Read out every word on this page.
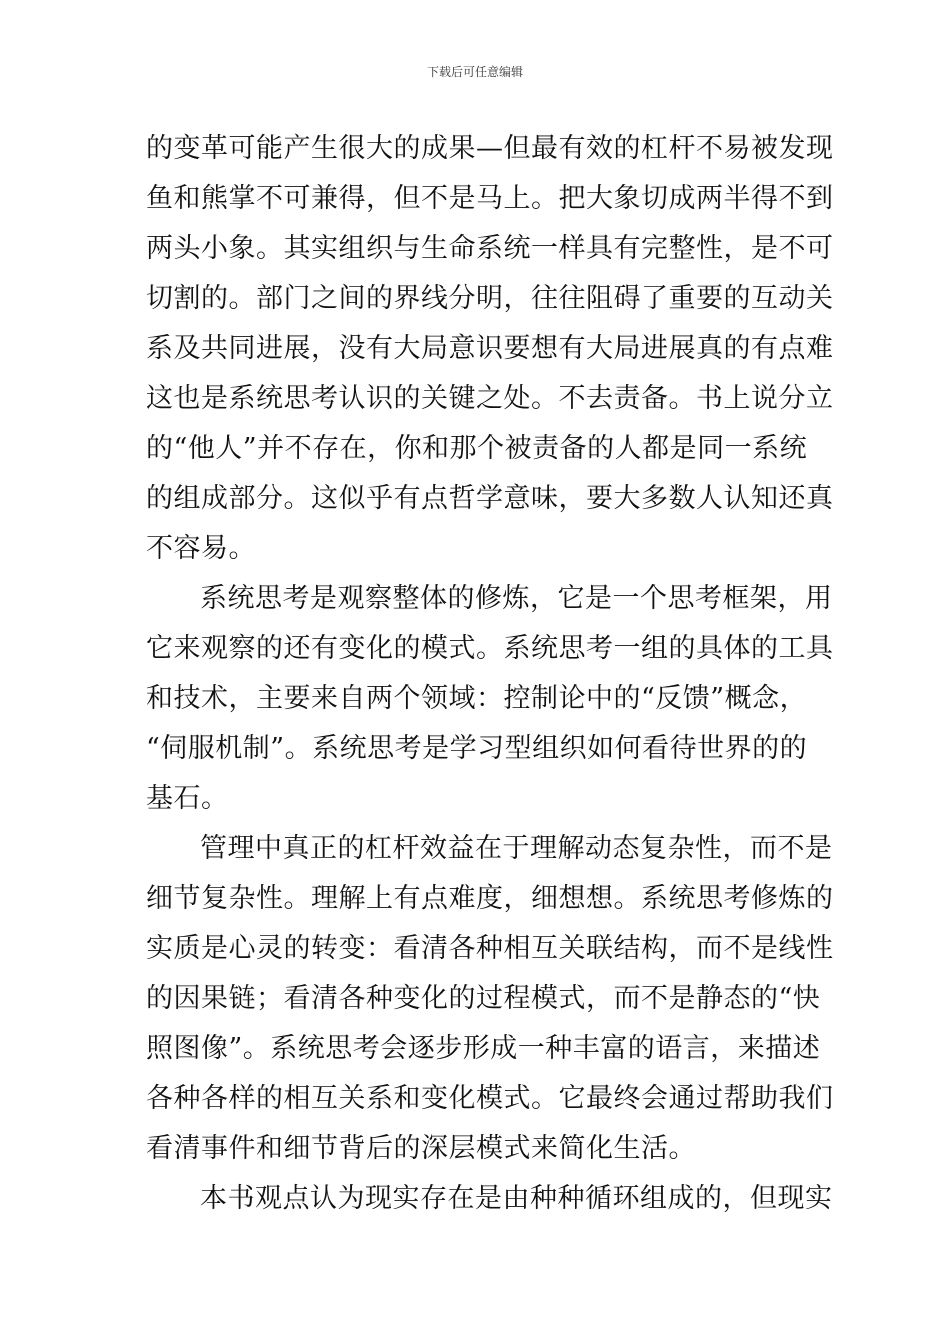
下载后可任意编辑
的变革可能产生很大的成果—但最有效的杠杆不易被发现
鱼和熊掌不可兼得，但不是马上。把大象切成两半得不到
两头小象。其实组织与生命系统一样具有完整性，是不可
切割的。部门之间的界线分明，往往阻碍了重要的互动关
系及共同进展，没有大局意识要想有大局进展真的有点难
这也是系统思考认识的关键之处。不去责备。书上说分立
的“他人”并不存在，你和那个被责备的人都是同一系统
的组成部分。这似乎有点哲学意味，要大多数人认知还真
不容易。
系统思考是观察整体的修炼，它是一个思考框架，用
它来观察的还有变化的模式。系统思考一组的具体的工具
和技术，主要来自两个领域：控制论中的“反馈”概念，
“伺服机制”。系统思考是学习型组织如何看待世界的的
基石。
管理中真正的杠杆效益在于理解动态复杂性，而不是
细节复杂性。理解上有点难度，细想想。系统思考修炼的
实质是心灵的转变：看清各种相互关联结构，而不是线性
的因果链；看清各种变化的过程模式，而不是静态的“快
照图像”。系统思考会逐步形成一种丰富的语言，来描述
各种各样的相互关系和变化模式。它最终会通过帮助我们
看清事件和细节背后的深层模式来简化生活。
本书观点认为现实存在是由种种循环组成的，但现实
